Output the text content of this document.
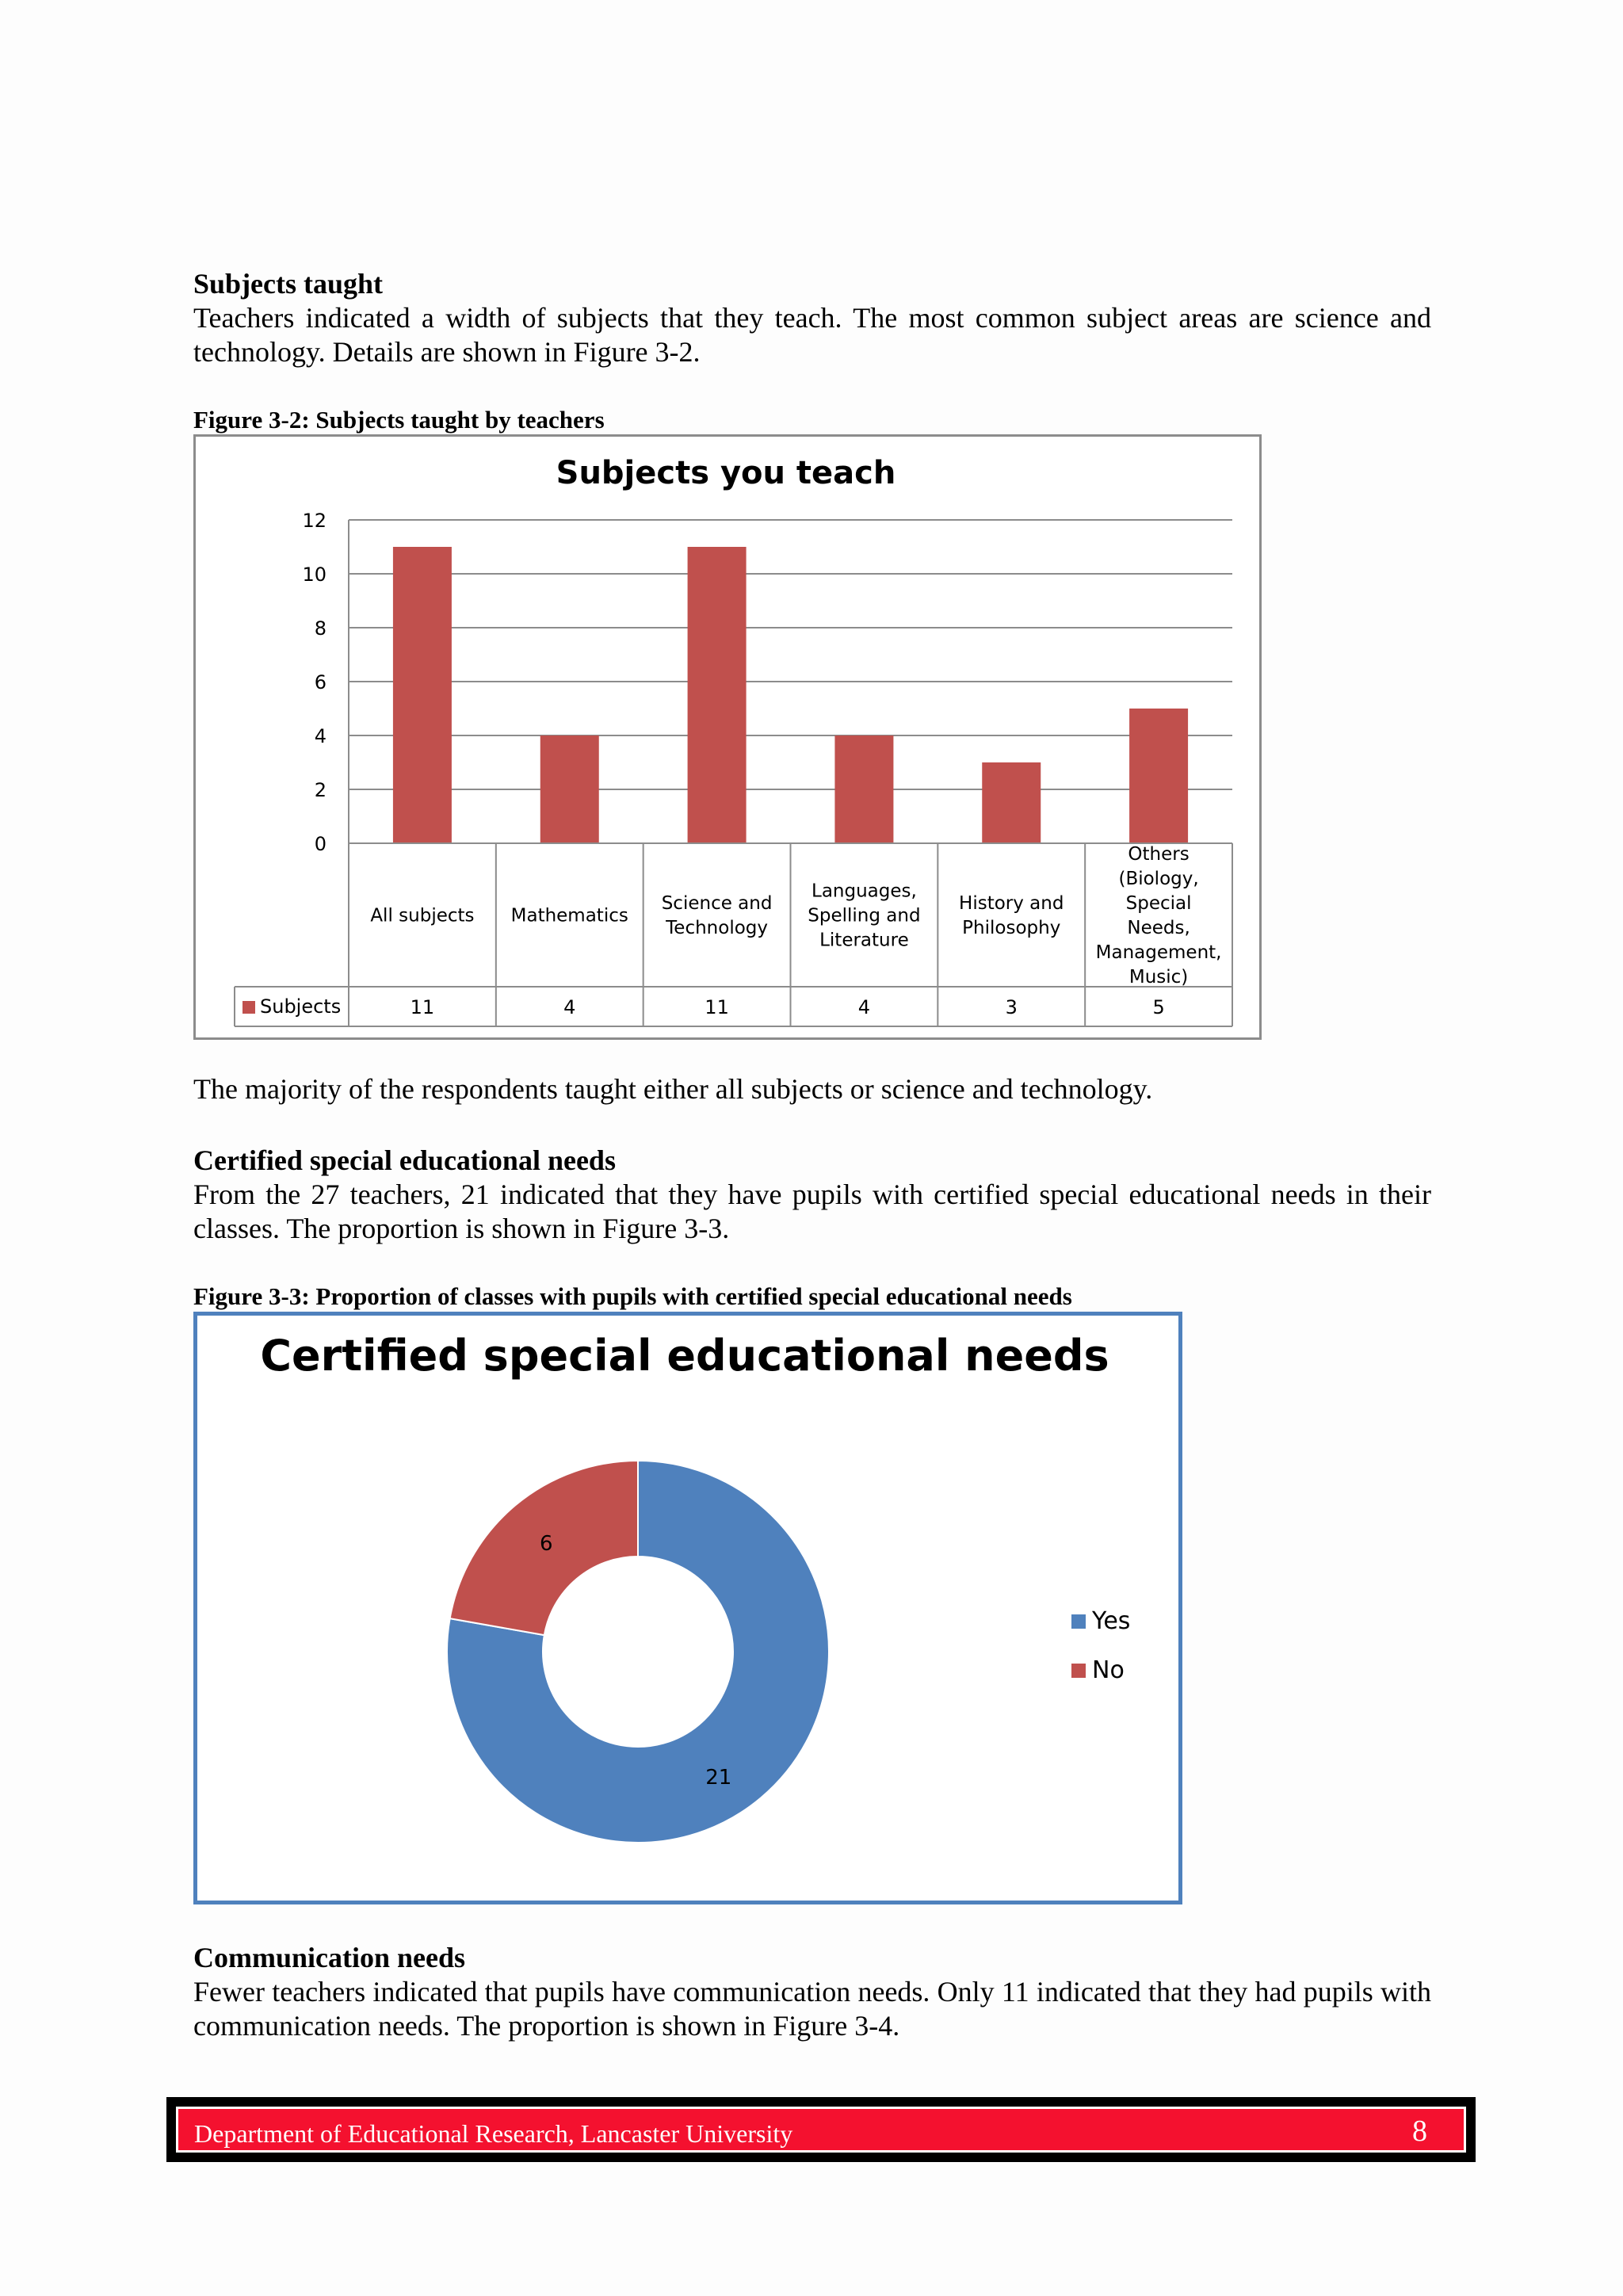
Subjects taught

Teachers indicated a width of subjects that they teach. The most common subject areas are science and technology. Details are shown in Figure 3-2.

Figure 3-2: Subjects taught by teachers
Subjects you teach
0
2
4
6
8
10
12
All subjects
11
Mathematics
4
Science and Technology
11
Languages, Spelling and Literature
4
History and Philosophy
3
Others (Biology, Special Needs, Management, Music)
5
Subjects

The majority of the respondents taught either all subjects or science and technology.

Certified special educational needs

From the 27 teachers, 21 indicated that they have pupils with certified special educational needs in their classes. The proportion is shown in Figure 3-3.

Figure 3-3: Proportion of classes with pupils with certified special educational needs
Certified special educational needs
21
6
Yes
No

Communication needs

Fewer teachers indicated that pupils have communication needs. Only 11 indicated that they had pupils with communication needs. The proportion is shown in Figure 3-4.

Department of Educational Research, Lancaster University	8
